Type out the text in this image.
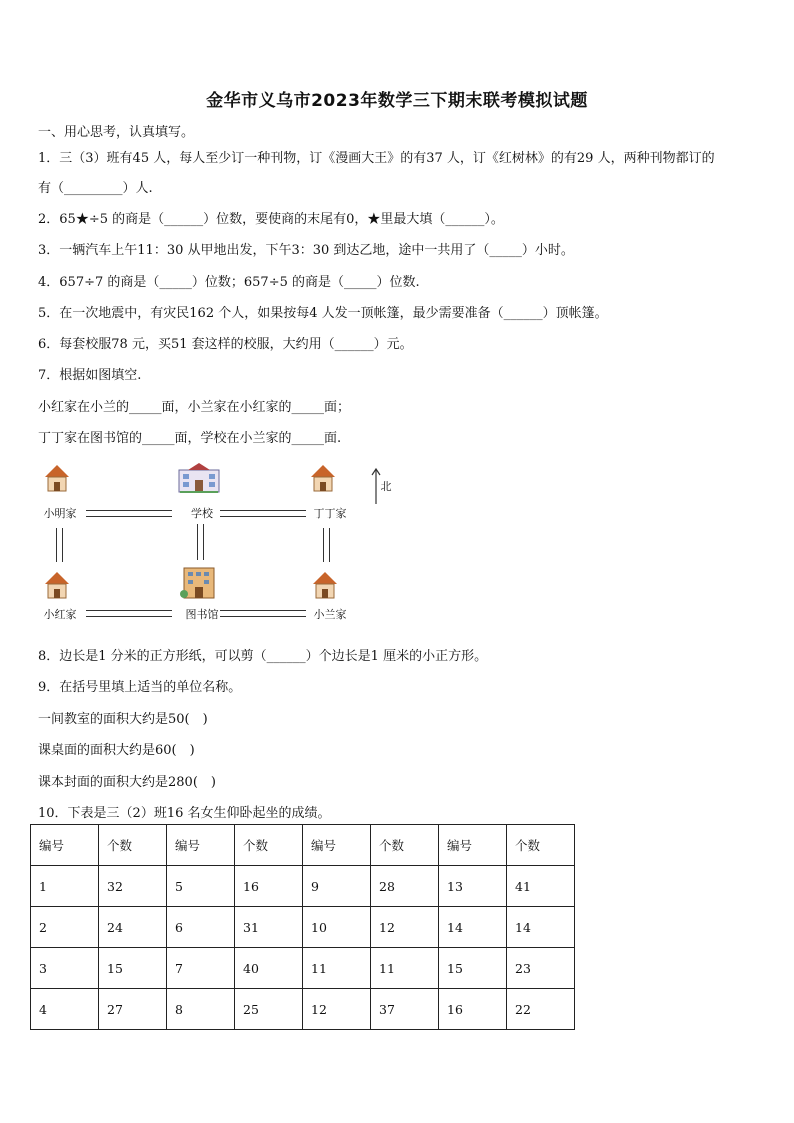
金华市义乌市2023年数学三下期末联考模拟试题
一、用心思考，认真填写。
1．三（3）班有45 人，每人至少订一种刊物，订《漫画大王》的有37 人，订《红树林》的有29 人，两种刊物都订的
有（_________）人.
2．65★÷5 的商是（______）位数，要使商的末尾有0，★里最大填（______）。
3．一辆汽车上午11：30 从甲地出发，下午3：30 到达乙地，途中一共用了（_____）小时。
4．657÷7 的商是（_____）位数；657÷5 的商是（_____）位数.
5．在一次地震中，有灾民162 个人，如果按每4 人发一顶帐篷，最少需要准备（______）顶帐篷。
6．每套校服78 元，买51 套这样的校服，大约用（______）元。
7．根据如图填空.
小红家在小兰的_____面，小兰家在小红家的_____面；
丁丁家在图书馆的_____面，学校在小兰家的_____面.
小明家	学校	丁丁家
小红家	图书馆	小兰家
北
8．边长是1 分米的正方形纸，可以剪（______）个边长是1 厘米的小正方形。
9．在括号里填上适当的单位名称。
一间教室的面积大约是50(　)
课桌面的面积大约是60(　)
课本封面的面积大约是280(　)
10．下表是三（2）班16 名女生仰卧起坐的成绩。
编号	个数	编号	个数	编号	个数	编号	个数
1	32	5	16	9	28	13	41
2	24	6	31	10	12	14	14
3	15	7	40	11	11	15	23
4	27	8	25	12	37	16	22
